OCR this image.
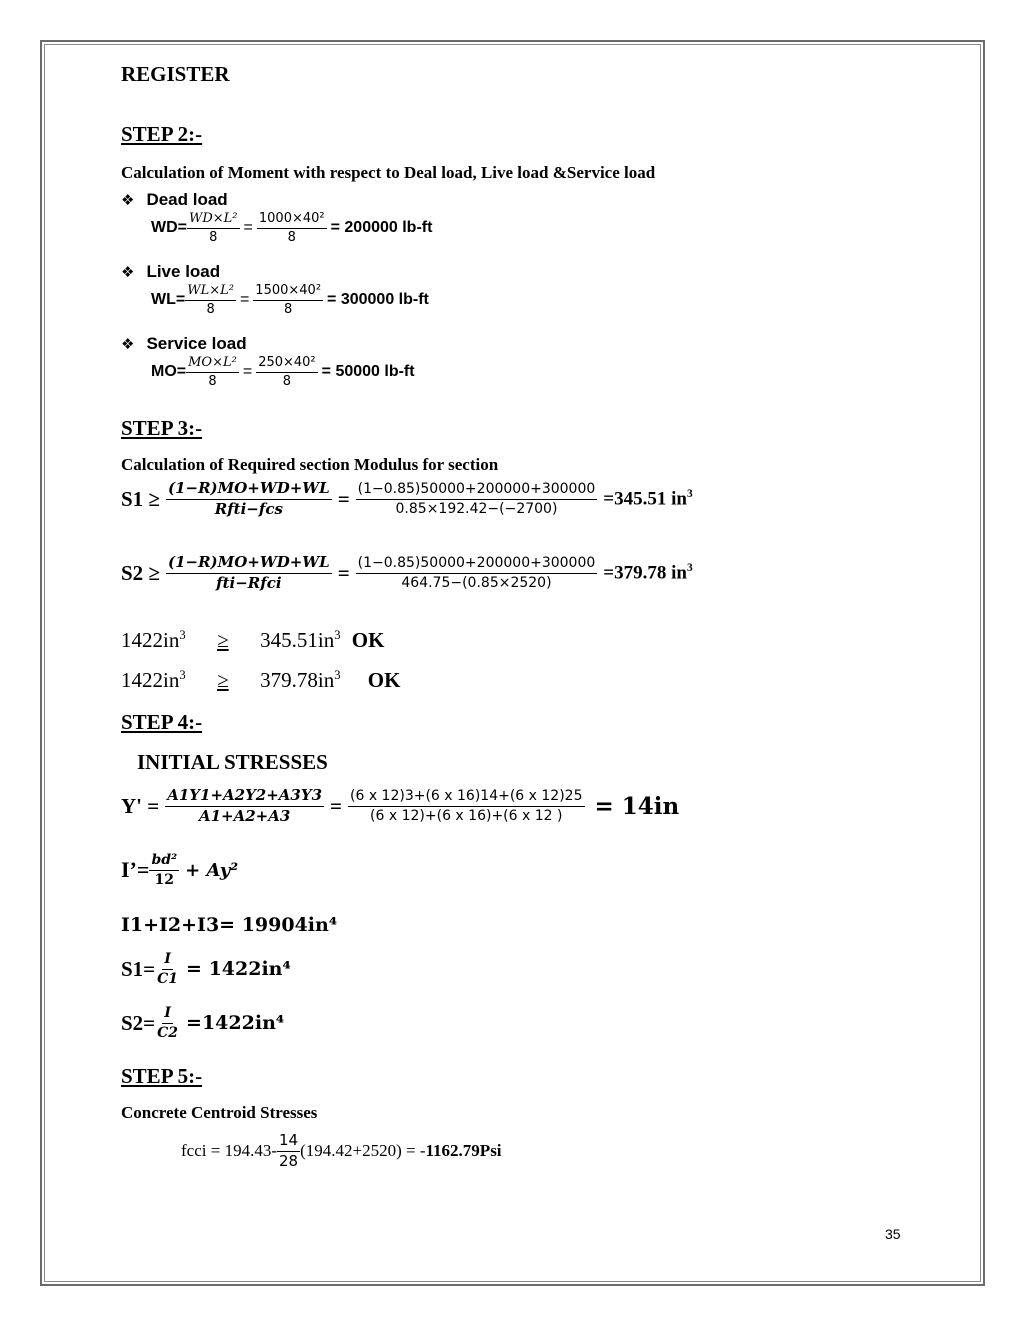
REGISTER
STEP 2:-
Calculation of Moment with respect to Deal load, Live load &Service load
❖ Dead load
$WD= \frac{\text{WD×L²}}{8} = \frac{\text{1000×40²}}{8} = 200000$ lb-ft
❖ Live load
$WL= \frac{\text{WL×L²}}{8} = \frac{\text{1500×40²}}{8} = 300000$ lb-ft
❖ Service load
$MO= \frac{\text{MO×L²}}{8} = \frac{\text{250×40²}}{8} = 50000$ lb-ft
STEP 3:-
Calculation of Required section Modulus for section
$S1 \ge \frac{(1-R)MO+WD+WL}{\text{Rfti−fcs}} = \frac{(1-0.85)50000+200000+300000}{0.85\times 192.42-(-2700)} =345.51$ $in^3$
$S2 \ge \frac{(1-R)MO+WD+WL}{\text{fti−Rfci}} = \frac{(1-0.85)50000+200000+300000}{464.75-(0.85\times 2520)} =379.78$ $in^3$
$1422in^3 \ge 345.51in^3$ OK
$1422in^3 \ge 379.78in^3$ OK
STEP 4:-
INITIAL STRESSES
$Y' = \frac{A1Y1+A2Y2+A3Y3}{A1+A2+A3} = \frac{(6 x 12)3+(6 x 16)14+(6 x 12)25}{(6 x 12)+(6 x 16)+(6 x 12 )} = 14in$
I’= $\frac{\text{bd²}}{12} + Ay^2$
I1+I2+I3= 19904in⁴
$S1= \frac{I}{C1} = 1422in^4$
$S2= \frac{I}{C2} =1422in^4$
STEP 5:-
Concrete Centroid Stresses
fcci = $194.43- \frac{14}{28} (194.42+2520)$ = - 1162.79Psi
35
